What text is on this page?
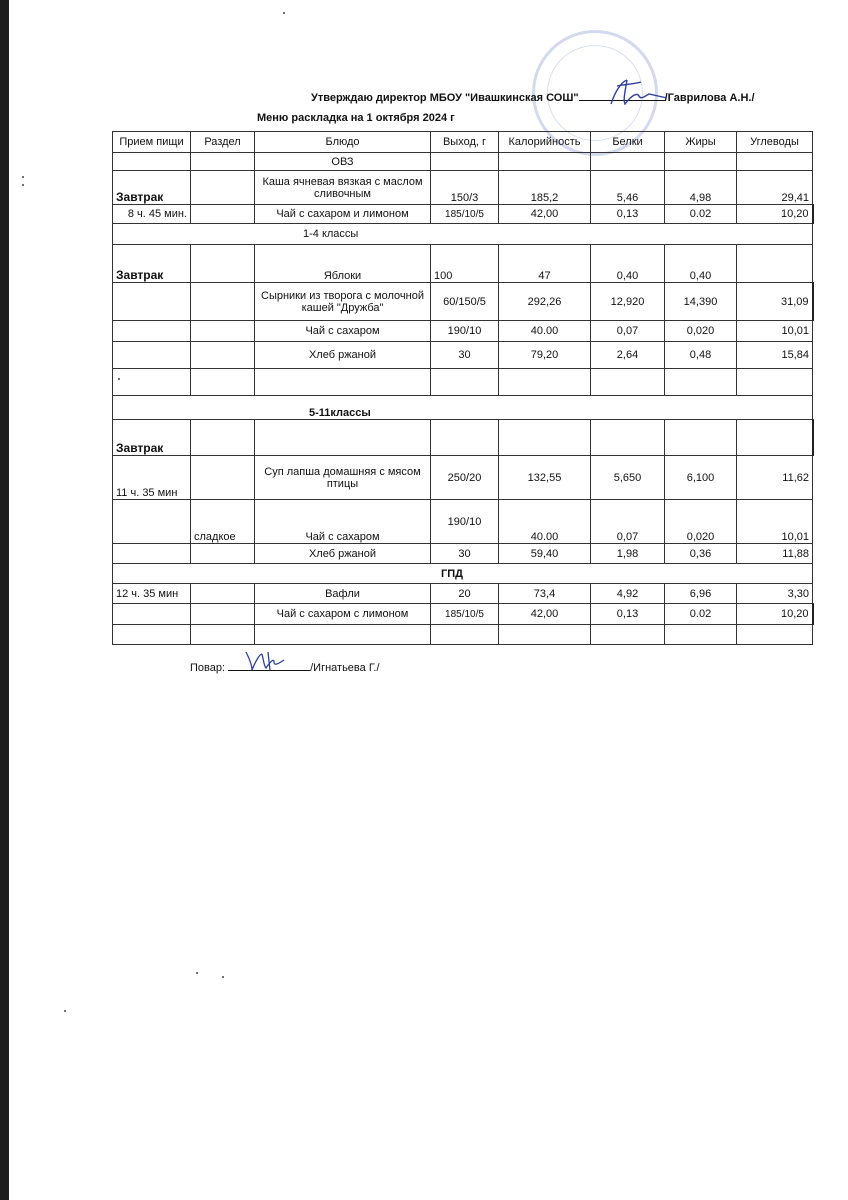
Утверждаю директор МБОУ "Ивашкинская СОШ"	/Гаврилова А.Н./
Меню раскладка на 1 октября 2024 г
Прием пищи	Раздел	Блюдо	Выход, г	Калорийность	Белки	Жиры	Углеводы
		ОВЗ					
Завтрак		Каша ячневая вязкая с маслом сливочным	150/3	185,2	5,46	4,98	29,41
8 ч. 45 мин.		Чай с сахаром и лимоном	185/10/5	42,00	0,13	0.02	10,20
1-4 классы							
Завтрак		Яблоки	100	47	0,40	0,40	
		Сырники из творога с молочной кашей "Дружба"	60/150/5	292,26	12,920	14,390	31,09
		Чай с сахаром	190/10	40.00	0,07	0,020	10,01
		Хлеб ржаной	30	79,20	2,64	0,48	15,84

5-11классы							
Завтрак							
11 ч. 35 мин		Суп лапша домашняя с мясом птицы	250/20	132,55	5,650	6,100	11,62
	сладкое	Чай с сахаром	190/10	40.00	0,07	0,020	10,01
		Хлеб ржаной	30	59,40	1,98	0,36	11,88
ГПД							
12 ч. 35 мин		Вафли	20	73,4	4,92	6,96	3,30
		Чай с сахаром с лимоном	185/10/5	42,00	0,13	0.02	10,20

Повар:	/Игнатьева Г./
